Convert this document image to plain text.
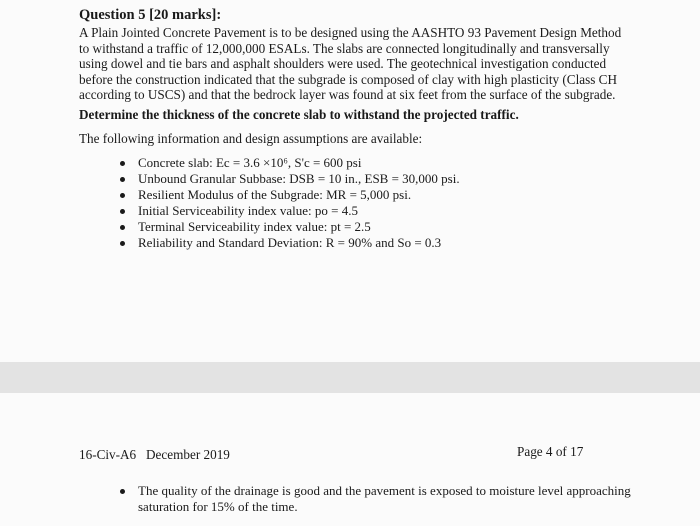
Question 5 [20 marks]:
A Plain Jointed Concrete Pavement is to be designed using the AASHTO 93 Pavement Design Method to withstand a traffic of 12,000,000 ESALs. The slabs are connected longitudinally and transversally using dowel and tie bars and asphalt shoulders were used. The geotechnical investigation conducted before the construction indicated that the subgrade is composed of clay with high plasticity (Class CH according to USCS) and that the bedrock layer was found at six feet from the surface of the subgrade.
Determine the thickness of the concrete slab to withstand the projected traffic.
The following information and design assumptions are available:
Concrete slab: Ec = 3.6 ×10⁶, S'c = 600 psi
Unbound Granular Subbase: DSB = 10 in., ESB = 30,000 psi.
Resilient Modulus of the Subgrade: MR = 5,000 psi.
Initial Serviceability index value: po = 4.5
Terminal Serviceability index value: pt = 2.5
Reliability and Standard Deviation: R = 90% and So = 0.3
16-Civ-A6   December 2019	Page 4 of 17
The quality of the drainage is good and the pavement is exposed to moisture level approaching saturation for 15% of the time.
